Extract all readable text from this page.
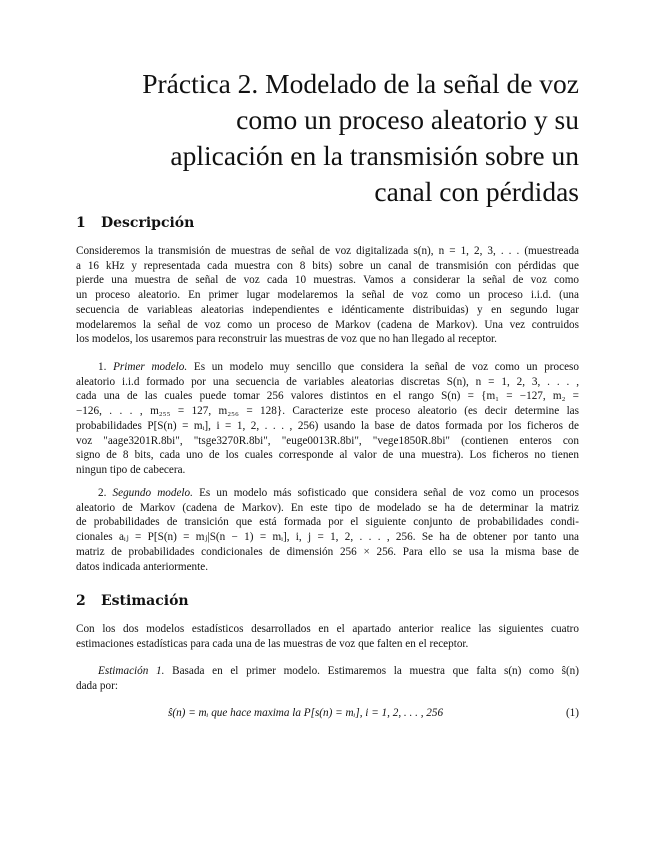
Práctica 2. Modelado de la señal de voz
como un proceso aleatorio y su
aplicación en la transmisión sobre un
canal con pérdidas
1 Descripción

Consideremos la transmisión de muestras de señal de voz digitalizada s(n), n = 1, 2, 3, . . . (muestreada
a 16 kHz y representada cada muestra con 8 bits) sobre un canal de transmisión con pérdidas que
pierde una muestra de señal de voz cada 10 muestras. Vamos a considerar la señal de voz como
un proceso aleatorio. En primer lugar modelaremos la señal de voz como un proceso i.i.d. (una
secuencia de variableas aleatorias independientes e idénticamente distribuidas) y en segundo lugar
modelaremos la señal de voz como un proceso de Markov (cadena de Markov). Una vez contruidos
los modelos, los usaremos para reconstruir las muestras de voz que no han llegado al receptor.

1. Primer modelo. Es un modelo muy sencillo que considera la señal de voz como un proceso
aleatorio i.i.d formado por una secuencia de variables aleatorias discretas S(n), n = 1, 2, 3, . . . ,
cada una de las cuales puede tomar 256 valores distintos en el rango S(n) = {m₁ = −127, m₂ =
−126, . . . , m₂₅₅ = 127, m₂₅₆ = 128}. Caracterize este proceso aleatorio (es decir determine las
probabilidades P[S(n) = mᵢ], i = 1, 2, . . . , 256) usando la base de datos formada por los ficheros de
voz "aage3201R.8bi", "tsge3270R.8bi", "euge0013R.8bi", "vege1850R.8bi" (contienen enteros con
signo de 8 bits, cada uno de los cuales corresponde al valor de una muestra). Los ficheros no tienen
ningun tipo de cabecera.

2. Segundo modelo. Es un modelo más sofisticado que considera señal de voz como un procesos
aleatorio de Markov (cadena de Markov). En este tipo de modelado se ha de determinar la matriz
de probabilidades de transición que está formada por el siguiente conjunto de probabilidades condi-
cionales aᵢⱼ = P[S(n) = mⱼ|S(n − 1) = mᵢ], i, j = 1, 2, . . . , 256. Se ha de obtener por tanto una
matriz de probabilidades condicionales de dimensión 256 × 256. Para ello se usa la misma base de
datos indicada anteriormente.

2 Estimación

Con los dos modelos estadísticos desarrollados en el apartado anterior realice las siguientes cuatro
estimaciones estadísticas para cada una de las muestras de voz que falten en el receptor.

Estimación 1. Basada en el primer modelo. Estimaremos la muestra que falta s(n) como ŝ(n)
dada por:

ŝ(n) = mᵢ que hace maxima la P[s(n) = mᵢ], i = 1, 2, . . . , 256	(1)
